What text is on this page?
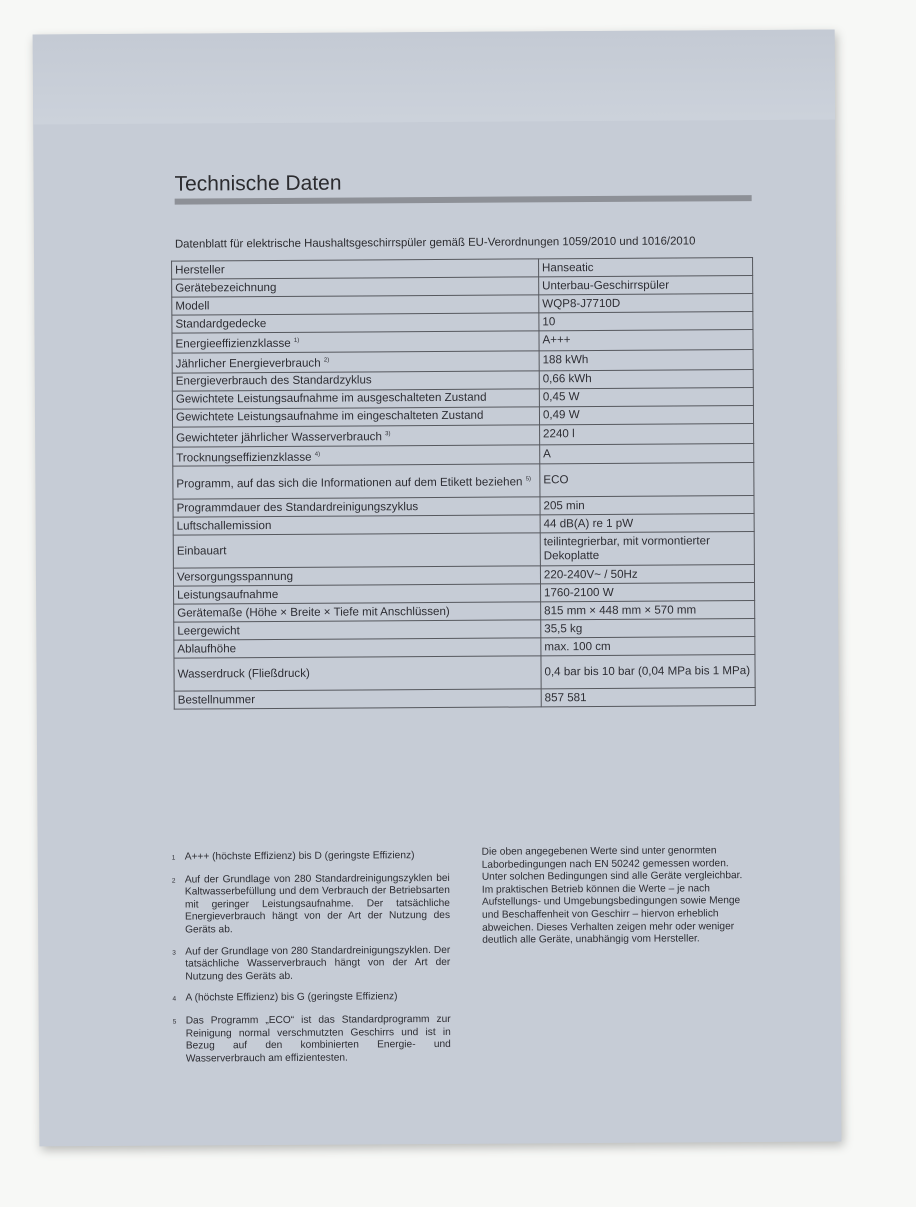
Technische Daten
Datenblatt für elektrische Haushaltsgeschirrspüler gemäß EU-Verordnungen 1059/2010 und 1016/2010
Hersteller	Hanseatic
Gerätebezeichnung	Unterbau-Geschirrspüler
Modell	WQP8-J7710D
Standardgedecke	10
Energieeffizienzklasse $^{1)}$	A+++
Jährlicher Energieverbrauch $^{2)}$	188 kWh
Energieverbrauch des Standardzyklus	0,66 kWh
Gewichtete Leistungsaufnahme im ausgeschalteten Zustand	0,45 W
Gewichtete Leistungsaufnahme im eingeschalteten Zustand	0,49 W
Gewichteter jährlicher Wasserverbrauch $^{3)}$	2240 l
Trocknungseffizienzklasse $^{4)}$	A
Programm, auf das sich die Informationen auf dem Etikett beziehen $^{5)}$	ECO
Programmdauer des Standardreinigungszyklus	205 min
Luftschallemission	44 dB(A) re 1 pW
Einbauart	teilintegrierbar, mit vormontierter Dekoplatte
Versorgungsspannung	220-240V~ / 50Hz
Leistungsaufnahme	1760-2100 W
Gerätemaße (Höhe × Breite × Tiefe mit Anschlüssen)	815 mm × 448 mm × 570 mm
Leergewicht	35,5 kg
Ablaufhöhe	max. 100 cm
Wasserdruck (Fließdruck)	0,4 bar bis 10 bar (0,04 MPa bis 1 MPa)
Bestellnummer	857 581
1 A+++ (höchste Effizienz) bis D (geringste Effizienz)
2 Auf der Grundlage von 280 Standardreinigungszyklen bei Kaltwasserbefüllung und dem Verbrauch der Betriebsarten mit geringer Leistungsaufnahme. Der tatsächliche Energieverbrauch hängt von der Art der Nutzung des Geräts ab.
3 Auf der Grundlage von 280 Standardreinigungszyklen. Der tatsächliche Wasserverbrauch hängt von der Art der Nutzung des Geräts ab.
4 A (höchste Effizienz) bis G (geringste Effizienz)
5 Das Programm „ECO“ ist das Standardprogramm zur Reinigung normal verschmutzten Geschirrs und ist in Bezug auf den kombinierten Energie- und Wasserverbrauch am effizientesten.
Die oben angegebenen Werte sind unter genormten Laborbedingungen nach EN 50242 gemessen worden. Unter solchen Bedingungen sind alle Geräte vergleichbar. Im praktischen Betrieb können die Werte – je nach Aufstellungs- und Umgebungsbedingungen sowie Menge und Beschaffenheit von Geschirr – hiervon erheblich abweichen. Dieses Verhalten zeigen mehr oder weniger deutlich alle Geräte, unabhängig vom Hersteller.
